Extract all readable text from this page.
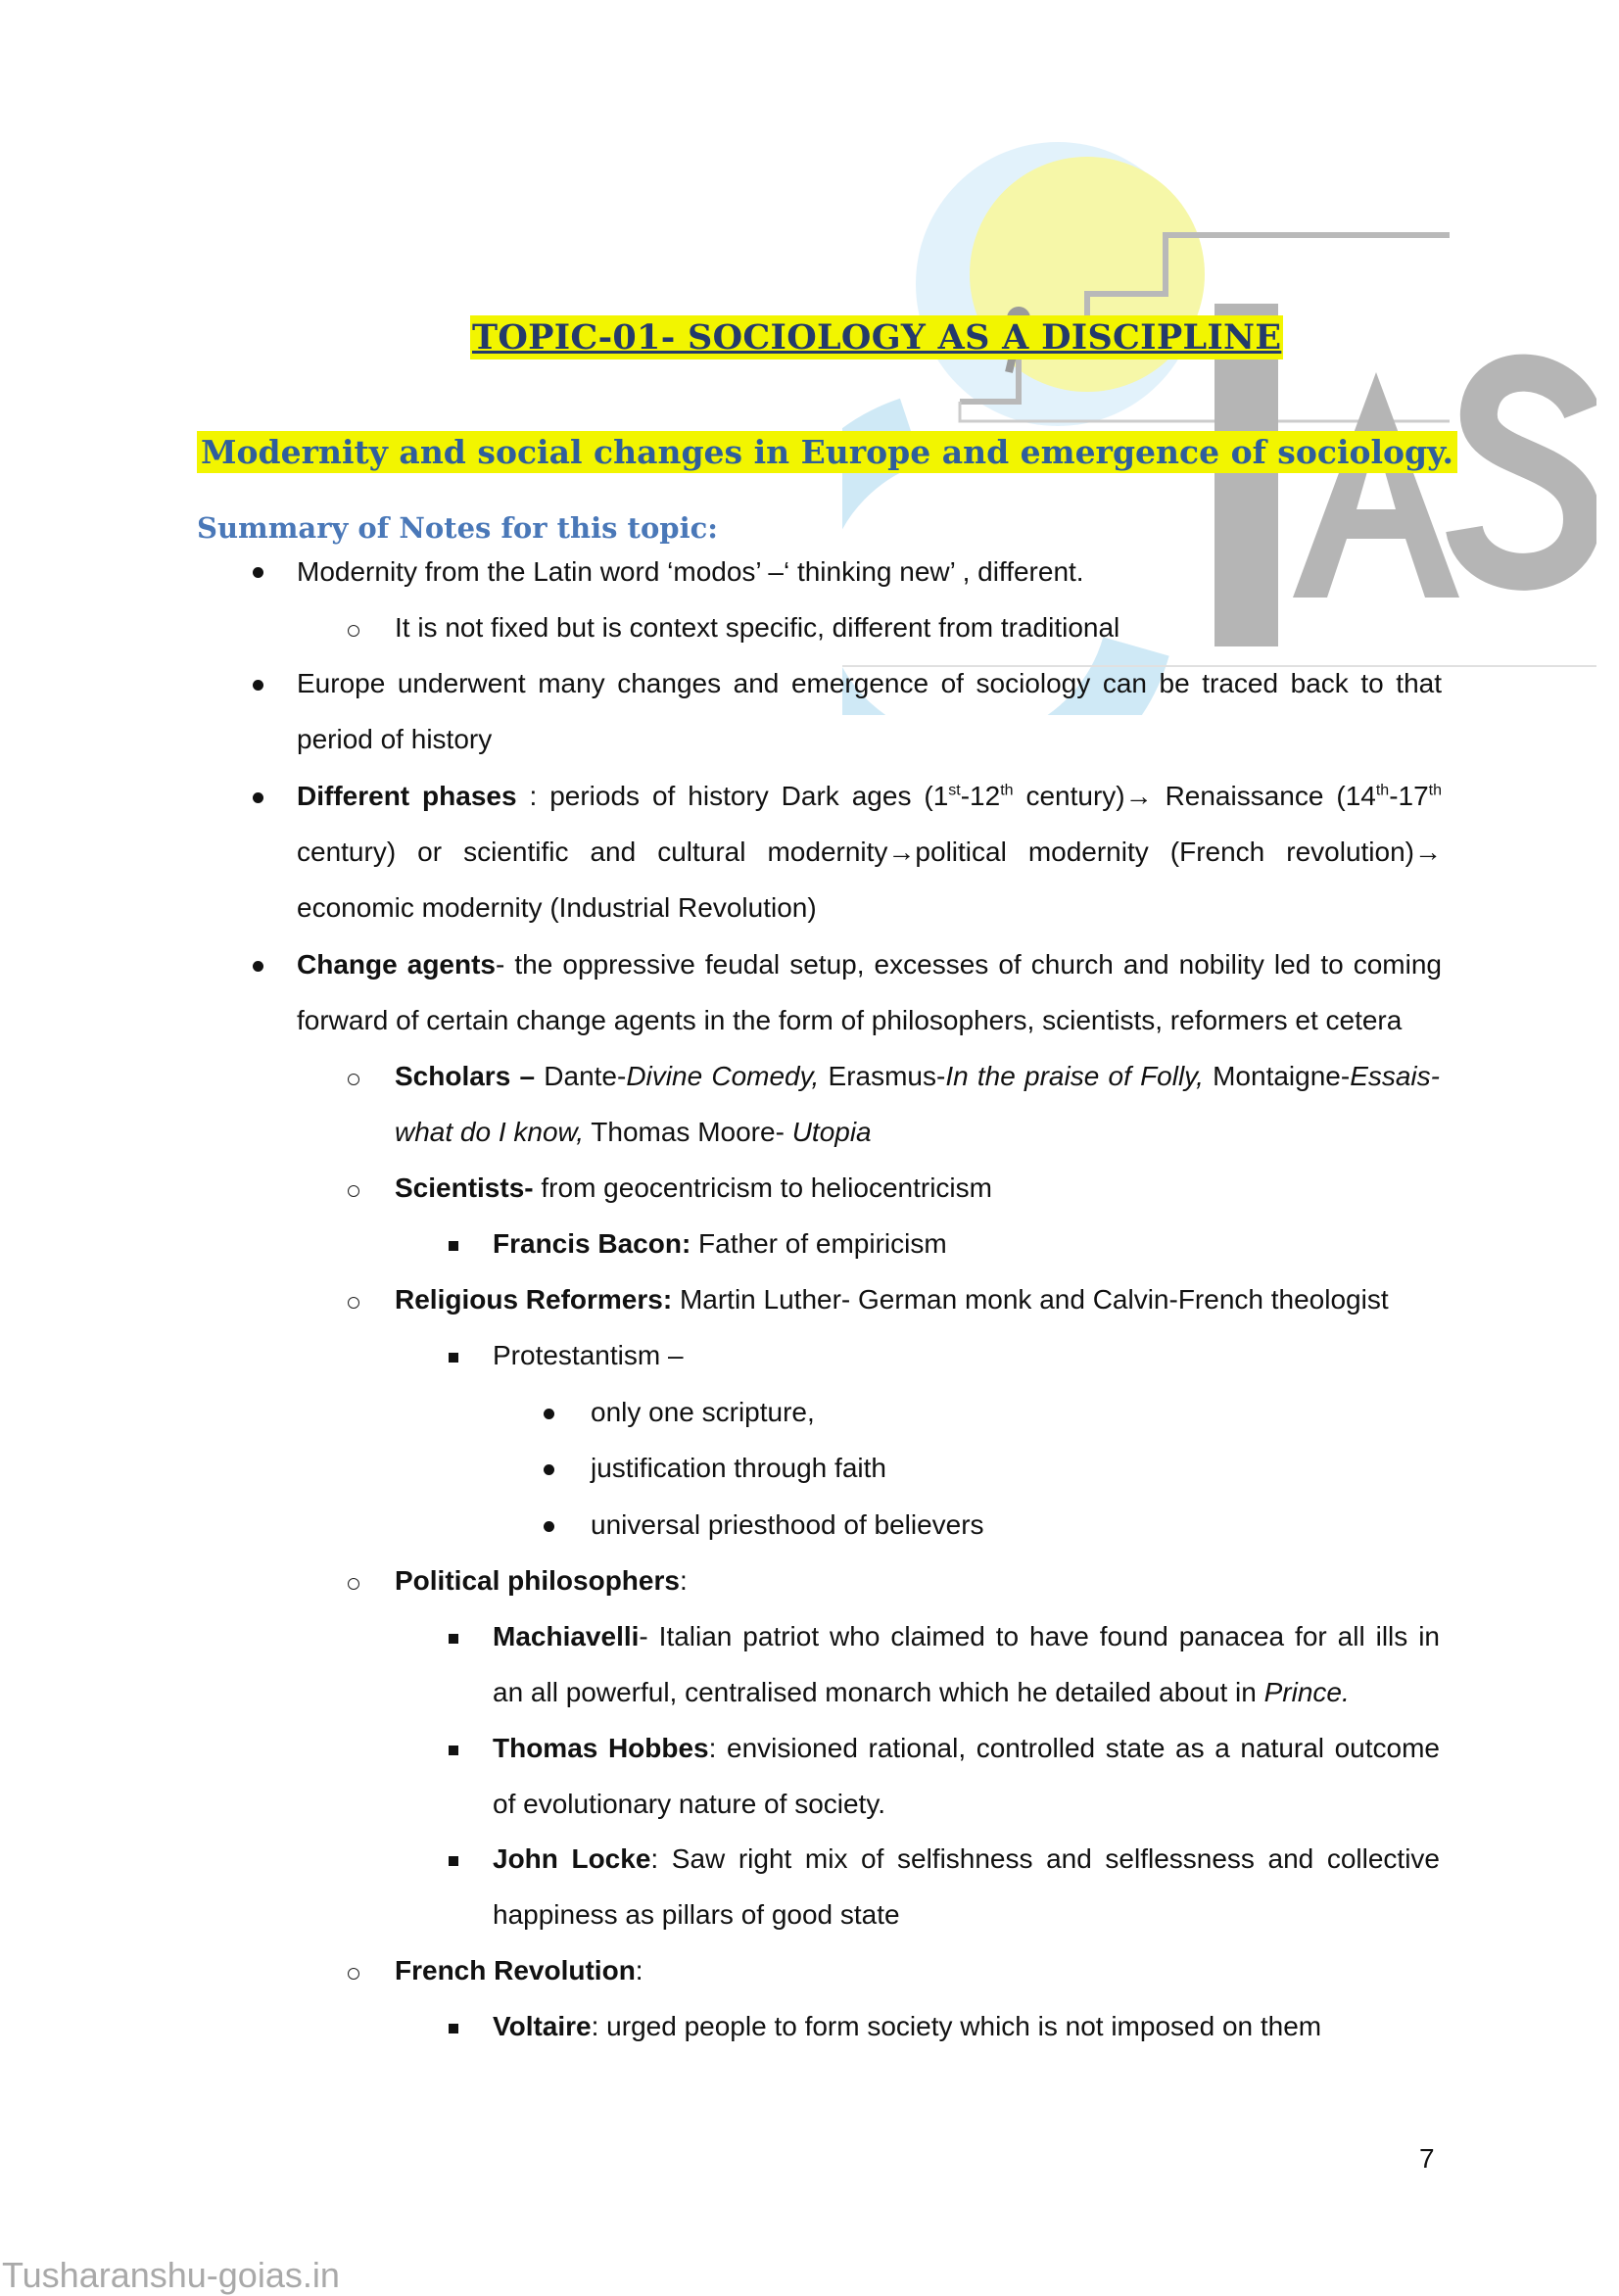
TOPIC-01- SOCIOLOGY AS A DISCIPLINE
Modernity and social changes in Europe and emergence of sociology.
Summary of Notes for this topic:
Modernity from the Latin word ‘modos’ –‘ thinking new’ , different.
It is not fixed but is context specific, different from traditional
Europe underwent many changes and emergence of sociology can be traced back to that
period of history
Different phases : periods of history Dark ages (1st-12th century)→ Renaissance (14th-17th
century) or scientific and cultural modernity→political modernity (French revolution)→
economic modernity (Industrial Revolution)
Change agents- the oppressive feudal setup, excesses of church and nobility led to coming
forward of certain change agents in the form of philosophers, scientists, reformers et cetera
Scholars – Dante-Divine Comedy, Erasmus-In the praise of Folly, Montaigne-Essais-
what do I know, Thomas Moore- Utopia
Scientists- from geocentricism to heliocentricism
Francis Bacon: Father of empiricism
Religious Reformers: Martin Luther- German monk and Calvin-French theologist
Protestantism –
only one scripture,
justification through faith
universal priesthood of believers
Political philosophers:
Machiavelli- Italian patriot who claimed to have found panacea for all ills in
an all powerful, centralised monarch which he detailed about in Prince.
Thomas Hobbes: envisioned rational, controlled state as a natural outcome
of evolutionary nature of society.
John Locke: Saw right mix of selfishness and selflessness and collective
happiness as pillars of good state
French Revolution:
Voltaire: urged people to form society which is not imposed on them
7
Tusharanshu-goias.in
